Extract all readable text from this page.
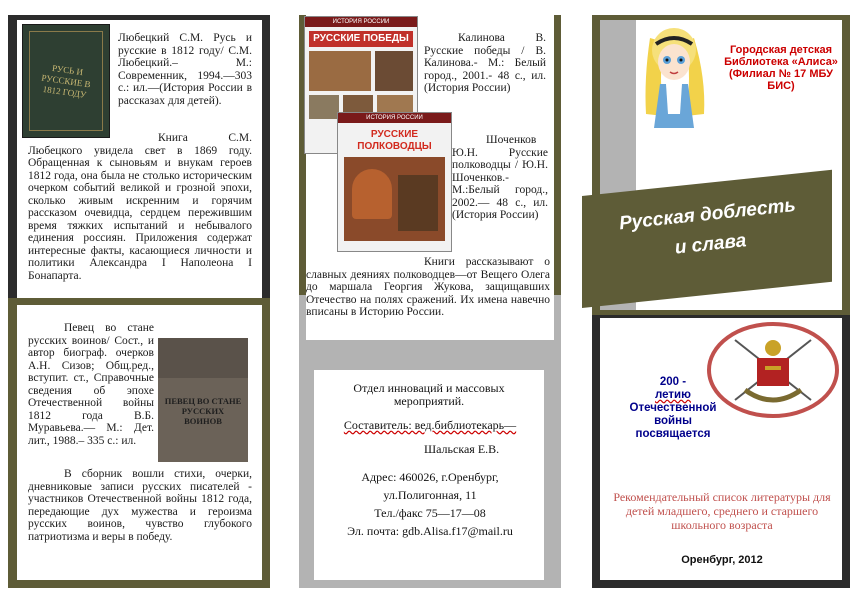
РУСЬ И РУССКИЕ В 1812 ГОДУ
Любецкий С.М. Русь и русские в 1812 году/ С.М. Любецкий.– М.: Современник, 1994.—303 с.: ил.—(История России в рассказах для детей).
Книга С.М. Любецкого увидела свет в 1869 году. Обращенная к сыновьям и внукам героев 1812 года, она была не столько историческим очерком событий великой и грозной эпохи, сколько живым искренним и горячим рассказом очевидца, сердцем пережившим время тяжких испытаний и небывалого единения россиян. Приложения содержат интересные факты, касающиеся личности и политики Александра I Наполеона I Бонапарта.
Певец во стане русских воинов/ Сост., и автор биограф. очерков А.Н. Сизов; Общ.ред., вступит. ст., Справочные сведения об эпохе Отечественной войны 1812 года В.Б. Муравьева.— М.: Дет. лит., 1988.– 335 с.: ил.
ПЕВЕЦ ВО СТАНЕ РУССКИХ ВОИНОВ
В сборник вошли стихи, очерки, дневниковые записи русских писателей - участников Отечественной войны 1812 года, передающие дух мужества и героизма русских воинов, чувство глубокого патриотизма и веры в победу.
ИСТОРИЯ РОССИИ
РУССКИЕ ПОБЕДЫ
ИСТОРИЯ РОССИИ
РУССКИЕ ПОЛКОВОДЦЫ
Калинова В. Русские победы / В. Калинова.- М.: Белый город., 2001.- 48 с., ил. (История России)
Шоченков Ю.Н. Русские полководцы / Ю.Н. Шоченков.- М.:Белый город., 2002.— 48 с., ил. (История России)
Книги рассказывают о славных деяниях полководцев—от Вещего Олега до маршала Георгия Жукова, защищавших Отечество на полях сражений. Их имена навечно вписаны в Историю России.
Отдел инноваций и массовых мероприятий.
Составитель: вед.библиотекарь—
Шальская Е.В.
Адрес: 460026, г.Оренбург,
ул.Полигонная, 11
Тел./факс 75—17—08
Эл. почта: gdb.Alisa.f17@mail.ru
Городская детская Библиотека «Алиса» (Филиал № 17 МБУ БИС)
Русская доблесть
и слава
200 -
летию
Отечественной
войны
посвящается
Рекомендательный список литературы для детей младшего, среднего и старшего школьного возраста
Оренбург, 2012
